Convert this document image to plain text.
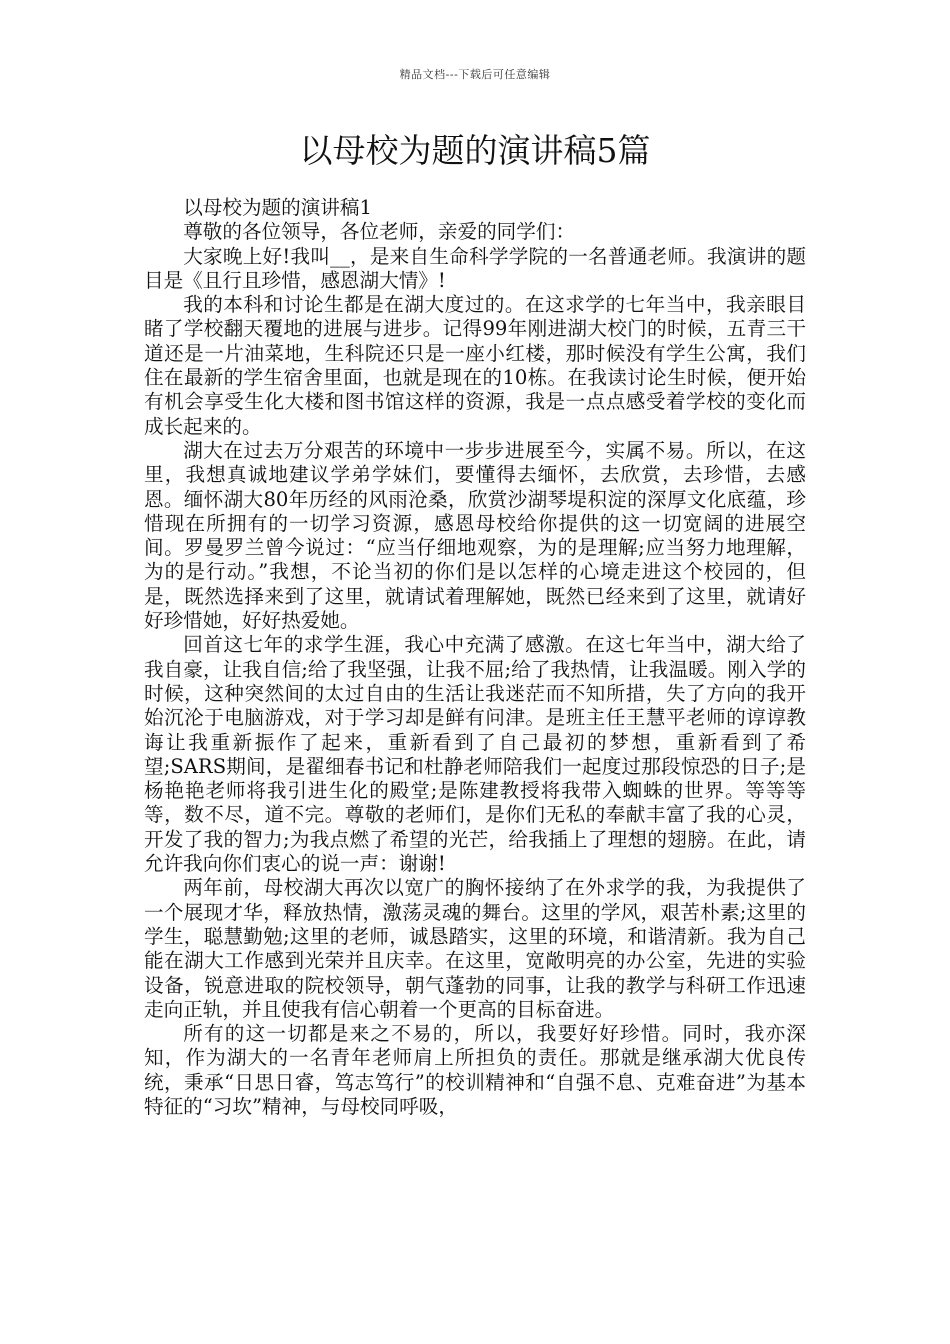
精品文档---下载后可任意编辑
以母校为题的演讲稿5篇

以母校为题的演讲稿1

尊敬的各位领导，各位老师，亲爱的同学们：

大家晚上好!我叫__，是来自生命科学学院的一名普通老师。我演讲的题目是《且行且珍惜，感恩湖大情》!

我的本科和讨论生都是在湖大度过的。在这求学的七年当中，我亲眼目睹了学校翻天覆地的进展与进步。记得99年刚进湖大校门的时候，五青三干道还是一片油菜地，生科院还只是一座小红楼，那时候没有学生公寓，我们住在最新的学生宿舍里面，也就是现在的10栋。在我读讨论生时候，便开始有机会享受生化大楼和图书馆这样的资源，我是一点点感受着学校的变化而成长起来的。

湖大在过去万分艰苦的环境中一步步进展至今，实属不易。所以，在这里，我想真诚地建议学弟学妹们，要懂得去缅怀，去欣赏，去珍惜，去感恩。缅怀湖大80年历经的风雨沧桑，欣赏沙湖琴堤积淀的深厚文化底蕴，珍惜现在所拥有的一切学习资源，感恩母校给你提供的这一切宽阔的进展空间。罗曼罗兰曾今说过：“应当仔细地观察，为的是理解;应当努力地理解，为的是行动。”我想，不论当初的你们是以怎样的心境走进这个校园的，但是，既然选择来到了这里，就请试着理解她，既然已经来到了这里，就请好好珍惜她，好好热爱她。

回首这七年的求学生涯，我心中充满了感激。在这七年当中，湖大给了我自豪，让我自信;给了我坚强，让我不屈;给了我热情，让我温暖。刚入学的时候，这种突然间的太过自由的生活让我迷茫而不知所措，失了方向的我开始沉沦于电脑游戏，对于学习却是鲜有问津。是班主任王慧平老师的谆谆教诲让我重新振作了起来，重新看到了自己最初的梦想，重新看到了希望;SARS期间，是翟细春书记和杜静老师陪我们一起度过那段惊恐的日子;是杨艳艳老师将我引进生化的殿堂;是陈建教授将我带入蜘蛛的世界。等等等等，数不尽，道不完。尊敬的老师们，是你们无私的奉献丰富了我的心灵，开发了我的智力;为我点燃了希望的光芒，给我插上了理想的翅膀。在此，请允许我向你们衷心的说一声：谢谢!

两年前，母校湖大再次以宽广的胸怀接纳了在外求学的我，为我提供了一个展现才华，释放热情，激荡灵魂的舞台。这里的学风，艰苦朴素;这里的学生，聪慧勤勉;这里的老师，诚恳踏实，这里的环境，和谐清新。我为自己能在湖大工作感到光荣并且庆幸。在这里，宽敞明亮的办公室，先进的实验设备，锐意进取的院校领导，朝气蓬勃的同事，让我的教学与科研工作迅速走向正轨，并且使我有信心朝着一个更高的目标奋进。

所有的这一切都是来之不易的，所以，我要好好珍惜。同时，我亦深知，作为湖大的一名青年老师肩上所担负的责任。那就是继承湖大优良传统，秉承“日思日睿，笃志笃行”的校训精神和“自强不息、克难奋进”为基本特征的“习坎”精神，与母校同呼吸，
